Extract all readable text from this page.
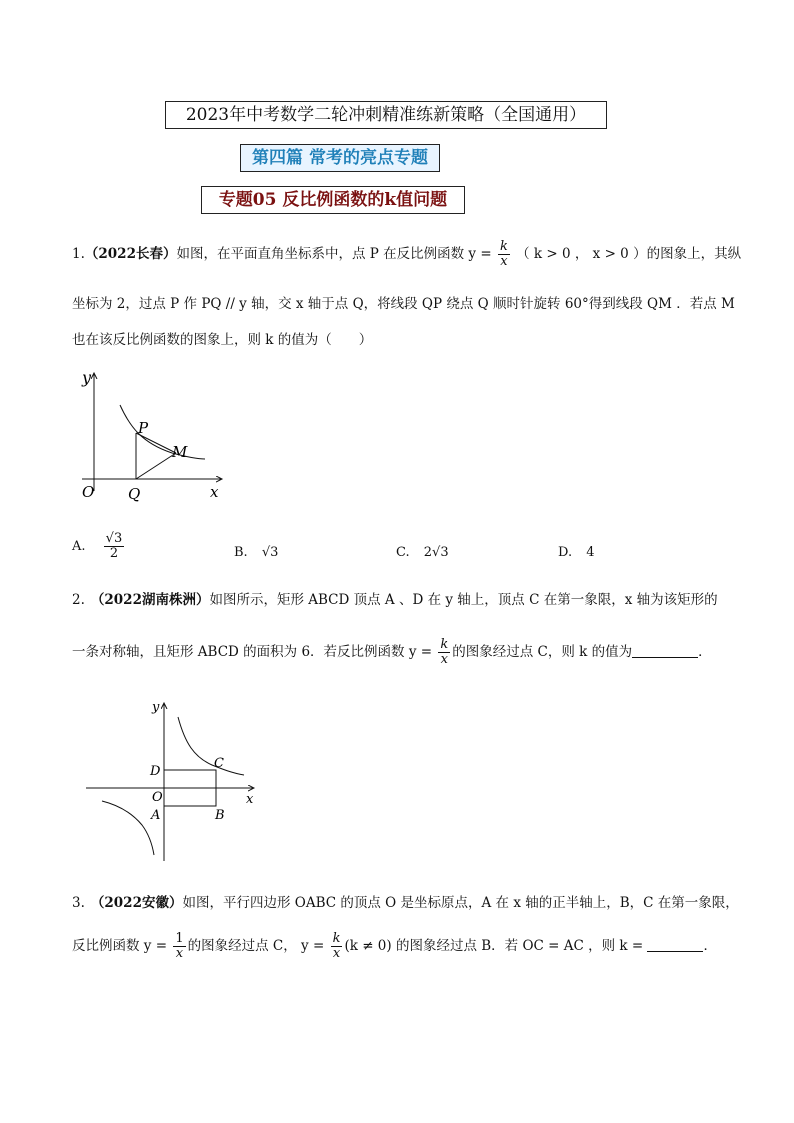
2023年中考数学二轮冲刺精准练新策略（全国通用）
第四篇 常考的亮点专题
专题05 反比例函数的k值问题
1.（2022长春）如图，在平面直角坐标系中，点 P 在反比例函数 $y = \frac{k}{x}$ （ k > 0 ， x > 0 ）的图象上，其纵
坐标为 2，过点 P 作 PQ // y 轴，交 x 轴于点 Q，将线段 QP 绕点 Q 顺时针旋转 60°得到线段 QM ．若点 M
也在该反比例函数的图象上，则 k 的值为（　　）
y
P
M
O Q	x
A. $\frac{√3}{2}$	B. √3	C. 2√3	D. 4
2. （2022湖南株洲）如图所示，矩形 ABCD 顶点 A 、D 在 y 轴上，顶点 C 在第一象限，x 轴为该矩形的
一条对称轴，且矩形 ABCD 的面积为 6．若反比例函数 $y = \frac{k}{x}$ 的图象经过点 C，则 k 的值为	．
y
C
D
O	x
A	B
3. （2022安徽）如图，平行四边形 OABC 的顶点 O 是坐标原点，A 在 x 轴的正半轴上，B，C 在第一象限，
反比例函数 $y = \frac{1}{x}$ 的图象经过点 C， $y = \frac{k}{x} (k \ne 0)$ 的图象经过点 B．若 OC = AC ，则 k =	．
